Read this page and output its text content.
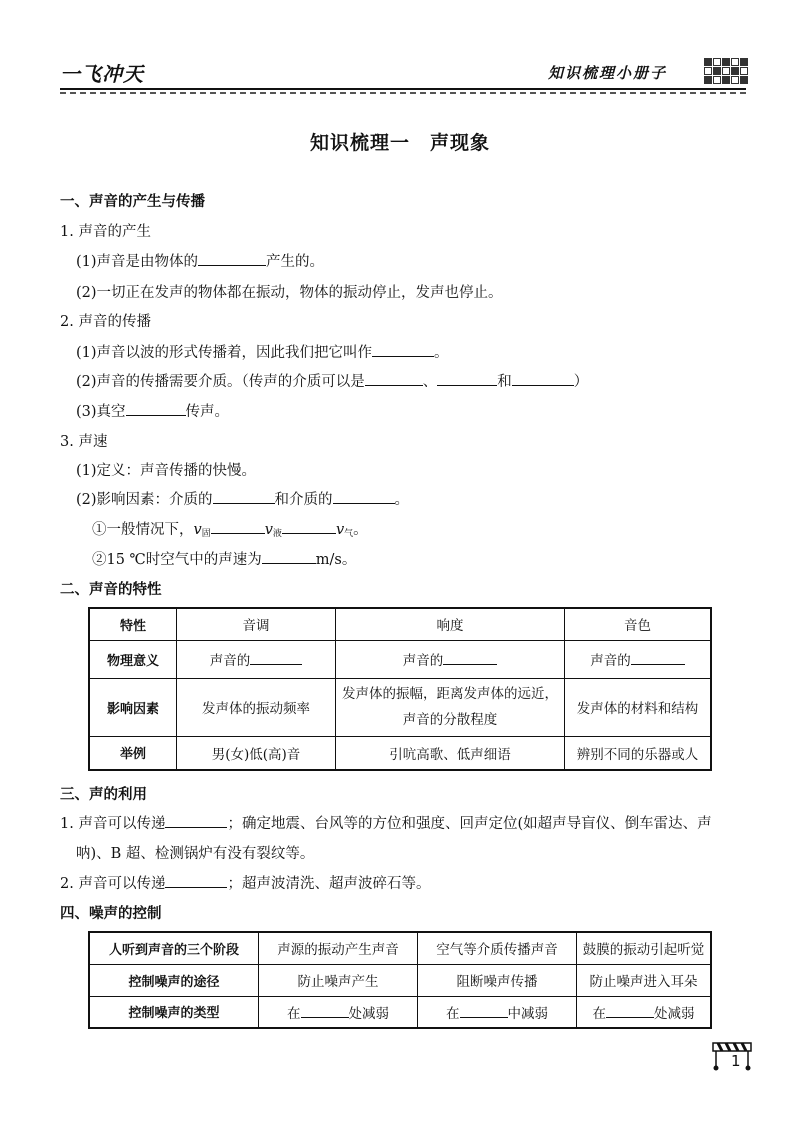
一飞冲天	知识梳理小册子
知识梳理一　声现象
一、声音的产生与传播
1. 声音的产生
(1)声音是由物体的	产生的。
(2)一切正在发声的物体都在振动，物体的振动停止，发声也停止。
2. 声音的传播
(1)声音以波的形式传播着，因此我们把它叫作	。
(2)声音的传播需要介质。（传声的介质可以是	、	和	）
(3)真空	传声。
3. 声速
(1)定义：声音传播的快慢。
(2)影响因素：介质的	和介质的	。
①一般情况下，$v_固$	$v_液$	$v_气$。
②15 ℃时空气中的声速为	m/s。
二、声音的特性
特性	音调	响度	音色
物理意义	声音的	声音的	声音的
影响因素	发声体的振动频率	发声体的振幅，距离发声体的远近，
声音的分散程度	发声体的材料和结构
举例	男(女)低(高)音	引吭高歌、低声细语	辨别不同的乐器或人
三、声的利用
1. 声音可以传递	；确定地震、台风等的方位和强度、回声定位(如超声导盲仪、倒车雷达、声
呐)、B 超、检测锅炉有没有裂纹等。
2. 声音可以传递	；超声波清洗、超声波碎石等。
四、噪声的控制
人听到声音的三个阶段	声源的振动产生声音	空气等介质传播声音	鼓膜的振动引起听觉
控制噪声的途径	防止噪声产生	阻断噪声传播	防止噪声进入耳朵
控制噪声的类型	在 处减弱	在 中减弱	在 处减弱
1
